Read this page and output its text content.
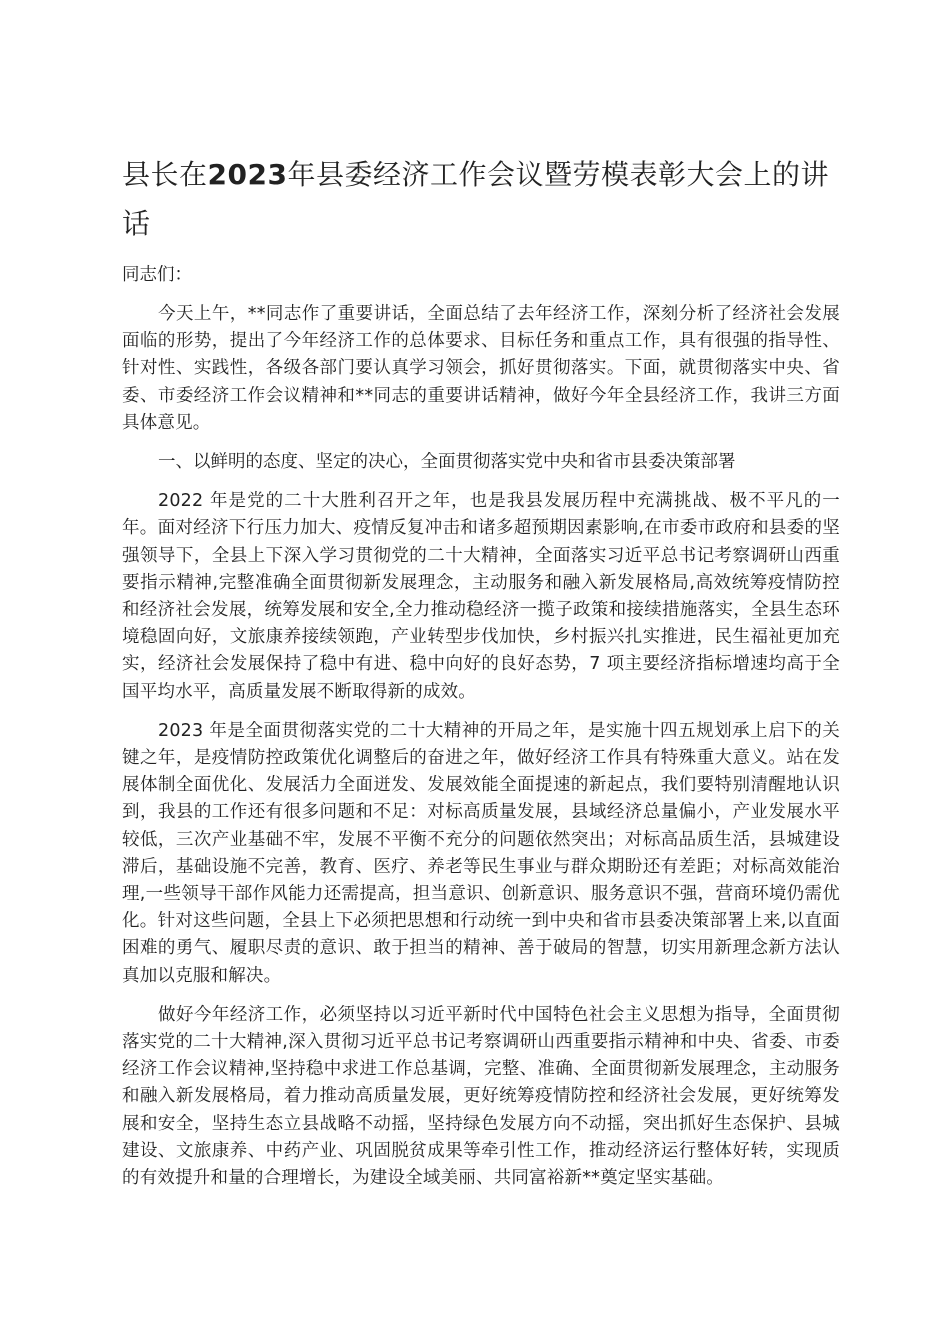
县长在2023年县委经济工作会议暨劳模表彰大会上的讲话

同志们：

今天上午，**同志作了重要讲话，全面总结了去年经济工作，深刻分析了经济社会发展面临的形势，提出了今年经济工作的总体要求、目标任务和重点工作，具有很强的指导性、针对性、实践性，各级各部门要认真学习领会，抓好贯彻落实。下面，就贯彻落实中央、省委、市委经济工作会议精神和**同志的重要讲话精神，做好今年全县经济工作，我讲三方面具体意见。

一、以鲜明的态度、坚定的决心，全面贯彻落实党中央和省市县委决策部署

2022 年是党的二十大胜利召开之年，也是我县发展历程中充满挑战、极不平凡的一年。面对经济下行压力加大、疫情反复冲击和诸多超预期因素影响,在市委市政府和县委的坚强领导下，全县上下深入学习贯彻党的二十大精神，全面落实习近平总书记考察调研山西重要指示精神,完整准确全面贯彻新发展理念，主动服务和融入新发展格局,高效统筹疫情防控和经济社会发展，统筹发展和安全,全力推动稳经济一揽子政策和接续措施落实，全县生态环境稳固向好，文旅康养接续领跑，产业转型步伐加快，乡村振兴扎实推进，民生福祉更加充实，经济社会发展保持了稳中有进、稳中向好的良好态势，7 项主要经济指标增速均高于全国平均水平，高质量发展不断取得新的成效。

2023 年是全面贯彻落实党的二十大精神的开局之年，是实施十四五规划承上启下的关键之年，是疫情防控政策优化调整后的奋进之年，做好经济工作具有特殊重大意义。站在发展体制全面优化、发展活力全面迸发、发展效能全面提速的新起点，我们要特别清醒地认识到，我县的工作还有很多问题和不足：对标高质量发展，县域经济总量偏小，产业发展水平较低，三次产业基础不牢，发展不平衡不充分的问题依然突出；对标高品质生活，县城建设滞后，基础设施不完善，教育、医疗、养老等民生事业与群众期盼还有差距；对标高效能治理,一些领导干部作风能力还需提高，担当意识、创新意识、服务意识不强，营商环境仍需优化。针对这些问题，全县上下必须把思想和行动统一到中央和省市县委决策部署上来,以直面困难的勇气、履职尽责的意识、敢于担当的精神、善于破局的智慧，切实用新理念新方法认真加以克服和解决。

做好今年经济工作，必须坚持以习近平新时代中国特色社会主义思想为指导，全面贯彻落实党的二十大精神,深入贯彻习近平总书记考察调研山西重要指示精神和中央、省委、市委经济工作会议精神,坚持稳中求进工作总基调，完整、准确、全面贯彻新发展理念，主动服务和融入新发展格局，着力推动高质量发展，更好统筹疫情防控和经济社会发展，更好统筹发展和安全，坚持生态立县战略不动摇，坚持绿色发展方向不动摇，突出抓好生态保护、县城建设、文旅康养、中药产业、巩固脱贫成果等牵引性工作，推动经济运行整体好转，实现质的有效提升和量的合理增长，为建设全域美丽、共同富裕新**奠定坚实基础。
